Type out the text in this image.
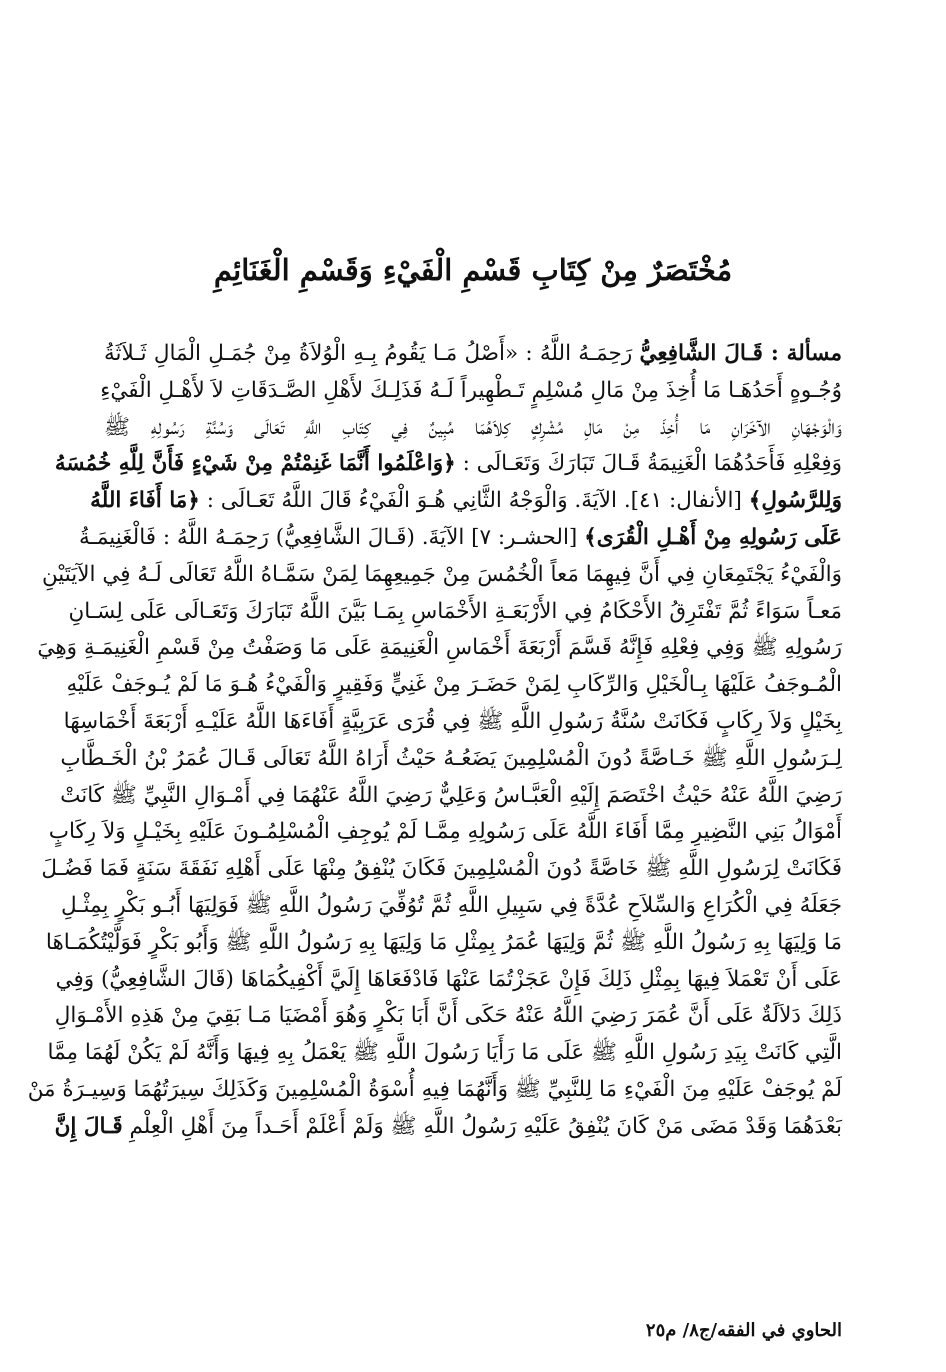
مُخْتَصَرٌ مِنْ كِتَابِ قَسْمِ الْفَيْءِ وَقَسْمِ الْغَنَائِمِ
مسألة : قَـالَ الشَّافِعِيُّ رَحِمَـهُ اللَّهُ : «أَصْلُ مَـا يَقُومُ بِـهِ الْوُلاَةُ مِنْ جُمَـلِ الْمَالِ ثَـلاَثَةُ
وُجُـوهٍ أَحَدُهَـا مَا أُخِذَ مِنْ مَالِ مُسْلِمٍ تَـطْهِيراً لَـهُ فَذَلِـكَ لأَهْلِ الصَّـدَقَاتِ لاَ لأَهْـلِ الْفَيْءِ
وَالْوَجْهَانِ الآخَرَانِ مَا أُخِذَ مِنْ مَالِ مُشْرِكٍ كِلاَهُمَا مُبِينٌ فِي كِتَابِ اللَّهِ تَعَالَى وَسُنَّةِ رَسُولِهِ ﷺ
وَفِعْلِهِ فَأَحَدُهُمَا الْغَنِيمَةُ قَـالَ تَبَارَكَ وَتَعَـالَى : ﴿وَاعْلَمُوا أَنَّمَا غَنِمْتُمْ مِنْ شَيْءٍ فَأَنَّ لِلَّهِ خُمُسَهُ
وَلِلرَّسُولِ﴾ [الأنفال: ٤١]. الآيَةَ. وَالْوَجْهُ الثَّانِي هُـوَ الْفَيْءُ قَالَ اللَّهُ تَعَـالَى : ﴿مَا أَفَاءَ اللَّهُ
عَلَى رَسُولِهِ مِنْ أَهْـلِ الْقُرَى﴾ [الحشـر: ٧] الآيَةَ. (قَـالَ الشَّافِعِيُّ) رَحِمَـهُ اللَّهُ : فَالْغَنِيمَـةُ
وَالْفَيْءُ يَجْتَمِعَانِ فِي أَنَّ فِيهِمَا مَعاً الْخُمُسَ مِنْ جَمِيعِهِمَا لِمَنْ سَمَّـاهُ اللَّهُ تَعَالَى لَـهُ فِي الآيَتَيْنِ
مَعـاً سَوَاءً ثُمَّ تَفْتَرِقُ الأَحْكَامُ فِي الأَرْبَعَـةِ الأَخْمَاسِ بِمَـا بَيَّنَ اللَّهُ تَبَارَكَ وَتَعَـالَى عَلَى لِسَـانِ
رَسُولِهِ ﷺ وَفِي فِعْلِهِ فَإِنَّهُ قَسَّمَ أَرْبَعَةَ أَخْمَاسِ الْغَنِيمَةِ عَلَى مَا وَصَفْتُ مِنْ قَسْمِ الْغَنِيمَـةِ وَهِيَ
الْمُـوجَفُ عَلَيْهَا بِـالْخَيْلِ وَالرِّكَابِ لِمَنْ حَضَـرَ مِنْ غَنِيٍّ وَفَقِيرٍ وَالْفَيْءُ هُـوَ مَا لَمْ يُـوجَفْ عَلَيْهِ
بِخَيْلٍ وَلاَ رِكَابٍ فَكَانَتْ سُنَّةُ رَسُولِ اللَّهِ ﷺ فِي قُرَى عَرَبِيَّةٍ أَفَاءَهَا اللَّهُ عَلَيْـهِ أَرْبَعَةَ أَخْمَاسِهَا
لِـرَسُولِ اللَّهِ ﷺ خَـاصَّةً دُونَ الْمُسْلِمِينَ يَضَعُـهُ حَيْثُ أَرَاهُ اللَّهُ تَعَالَى قَـالَ عُمَرُ بْنُ الْخَـطَّابِ
رَضِيَ اللَّهُ عَنْهُ حَيْثُ اخْتَصَمَ إِلَيْهِ الْعَبَّـاسُ وَعَلِيٌّ رَضِيَ اللَّهُ عَنْهُمَا فِي أَمْـوَالِ النَّبِيِّ ﷺ كَانَتْ
أَمْوَالُ بَنِي النَّضِيرِ مِمَّا أَفَاءَ اللَّهُ عَلَى رَسُولِهِ مِمَّـا لَمْ يُوجِفِ الْمُسْلِمُـونَ عَلَيْهِ بِخَيْـلٍ وَلاَ رِكَابٍ
فَكَانَتْ لِرَسُولِ اللَّهِ ﷺ خَاصَّةً دُونَ الْمُسْلِمِينَ فَكَانَ يُنْفِقُ مِنْهَا عَلَى أَهْلِهِ نَفَقَةَ سَنَةٍ فَمَا فَضُـلَ
جَعَلَهُ فِي الْكُرَاعِ وَالسِّلاَحِ عُدَّةً فِي سَبِيلِ اللَّهِ ثُمَّ تُوُفِّيَ رَسُولُ اللَّهِ ﷺ فَوَلِيَهَا أَبُـو بَكْرٍ بِمِثْـلِ
مَا وَلِيَهَا بِهِ رَسُولُ اللَّهِ ﷺ ثُمَّ وَلِيَهَا عُمَرُ بِمِثْلِ مَا وَلِيَهَا بِهِ رَسُولُ اللَّهِ ﷺ وَأَبُو بَكْرٍ فَوَلَّيْتُكُمَـاهَا
عَلَى أَنْ تَعْمَلاَ فِيهَا بِمِثْلِ ذَلِكَ فَإِنْ عَجَزْتُمَا عَنْهَا فَادْفَعَاهَا إِلَيَّ أَكْفِيكُمَاهَا (قَالَ الشَّافِعِيُّ) وَفِي
ذَلِكَ دَلاَلَةٌ عَلَى أَنَّ عُمَرَ رَضِيَ اللَّهُ عَنْهُ حَكَى أَنَّ أَبَا بَكْرٍ وَهُوَ أَمْضَيَا مَـا بَقِيَ مِنْ هَذِهِ الأَمْـوَالِ
الَّتِي كَانَتْ بِيَدِ رَسُولِ اللَّهِ ﷺ عَلَى مَا رَأَيَا رَسُولَ اللَّهِ ﷺ يَعْمَلُ بِهِ فِيهَا وَأَنَّهُ لَمْ يَكُنْ لَهُمَا مِمَّا
لَمْ يُوجَفْ عَلَيْهِ مِنَ الْفَيْءِ مَا لِلنَّبِيِّ ﷺ وَأَنَّهُمَا فِيهِ أُسْوَةُ الْمُسْلِمِينَ وَكَذَلِكَ سِيرَتُهُمَا وَسِيـرَةُ مَنْ
بَعْدَهُمَا وَقَدْ مَضَى مَنْ كَانَ يُنْفِقُ عَلَيْهِ رَسُولُ اللَّهِ ﷺ وَلَمْ أَعْلَمْ أَحَـداً مِنَ أَهْلِ الْعِلْمِ قَـالَ إِنَّ
الحاوي في الفقه/ج٨/ م٢٥
